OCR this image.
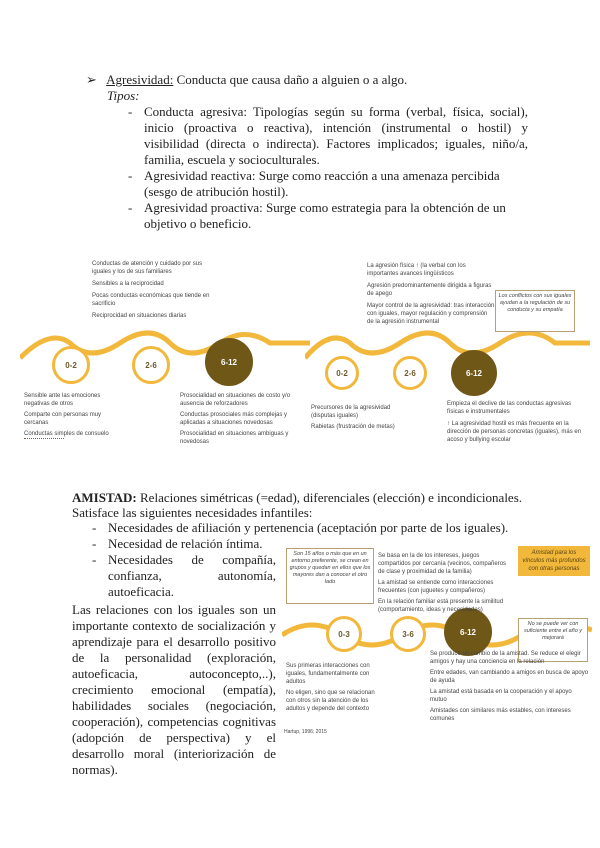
➢ Agresividad: Conducta que causa daño a alguien o a algo.
Tipos:
- Conducta agresiva: Tipologías según su forma (verbal, física, social), inicio (proactiva o reactiva), intención (instrumental o hostil) y visibilidad (directa o indirecta). Factores implicados; iguales, niño/a, familia, escuela y socioculturales.

- Agresividad reactiva: Surge como reacción a una amenaza percibida (sesgo de atribución hostil).

- Agresividad proactiva: Surge como estrategia para la obtención de un objetivo o beneficio.

0-2	2-6	6-12

Conductas de atención y cuidado por sus iguales y los de sus familiares

Sensibles a la reciprocidad

Pocas conductas económicas que tiende en sacrificio

Reciprocidad en situaciones diarias

Sensible ante las emociones negativas de otros

Comparte con personas muy cercanas

Conductas simples de consuelo

Prosocialidad en situaciones de costo y/o ausencia de reforzadores

Conductas prosociales más complejas y aplicadas a situaciones novedosas

Prosocialidad en situaciones ambiguas y novedosas

0-2	2-6	6-12

La agresión física ↑ (la verbal con los importantes avances lingüísticos

Agresión predominantemente dirigida a figuras de apego

Mayor control de la agresividad: tras interacción con iguales, mayor regulación y comprensión de la agresión instrumental

Los conflictos con sus iguales ayudan a la regulación de su conducta y su empatía

Precursores de la agresividad (disputas iguales)

Rabietas (frustración de metas)

Empieza el declive de las conductas agresivas físicas e instrumentales

↑ La agresividad hostil es más frecuente en la dirección de personas concretas (iguales), más en acoso y bullying escolar

AMISTAD: Relaciones simétricas (=edad), diferenciales (elección) e incondicionales.
Satisface las siguientes necesidades infantiles:
- Necesidades de afiliación y pertenencia (aceptación por parte de los iguales).

- Necesidad de relación íntima.

- Necesidades de compañía, confianza, autonomía, autoeficacia.

Las relaciones con los iguales son un importante contexto de socialización y aprendizaje para el desarrollo positivo de la personalidad (exploración, autoeficacia, autoconcepto,..), crecimiento emocional (empatía), habilidades sociales (negociación, cooperación), competencias cognitivas (adopción de perspectiva) y el desarrollo moral (interiorización de normas).
0-3	3-6	6-12
Son 15 años o más que en un entorno preferente, se crean en grupos y quedan en ellos que los mayores dan a conocer el otro lado

Se basa en la de los intereses, juegos compartidos por cercanía (vecinos, compañeros de clase y proximidad de la familia)

La amistad se entiende como interacciones frecuentes (con juguetes y compañeros)

En la relación familiar está presente la similitud (comportamiento, ideas y necesidades)

Amistad para los vínculos más profundos con otras personas
No se puede ver con suficiente entre el año y mejorará

Sus primeras interacciones con iguales, fundamentalmente con adultos

No eligen, sino que se relacionan con otros sin la atención de los adultos y depende del contexto

Se produce un cambio de la amistad. Se reduce el elegir amigos y hay una conciencia en la relación

Entre edades, van cambiando a amigos en busca de apoyo de ayuda

La amistad está basada en la cooperación y el apoyo mutuo

Amistades con similares más estables, con intereses comunes

Hartup, 1996; 2015
